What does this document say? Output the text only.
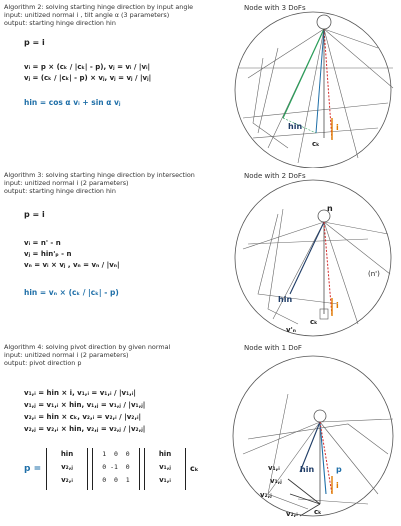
Algorithm 2: solving starting hinge direction by input angle
input: unitized normal i , tilt angle α (3 parameters)
output: starting hinge direction hin
Node with 3 DoFs
p = i
vᵢ = p × (cₖ / |cₖ| - p), vⱼ = vᵢ / |vᵢ|
vⱼ = (cₖ / |cₖ| - p) × vⱼ, vⱼ = vⱼ / |vⱼ|
hin = cos α vᵢ + sin α vⱼ
hin
cₖ
i
Algorithm 3: solving starting hinge direction by intersection
input: unitized normal i (2 parameters)
output: starting hinge direction hin
Node with 2 DoFs
p = i
vᵢ = n' - n
vⱼ = hin'ₚ - n
vₙ = vᵢ × vⱼ , vₙ = vₙ / |vₙ|
hin = vₙ × (cₖ / |cₖ| - p)
n
(n')
hin
v'ₙ
cₖ
i
Algorithm 4: solving pivot direction by given normal
input: unitized normal i (2 parameters)
output: pivot direction p
Node with 1 DoF
v₁,ᵢ = hin × i, v₁,ᵢ = v₁,ᵢ / |v₁,ᵢ|
v₁,ⱼ = v₁,ᵢ × hin, v₁,ⱼ = v₁,ⱼ / |v₁,ⱼ|
v₂,ᵢ = hin × cₖ, v₂,ᵢ = v₂,ᵢ / |v₂,ᵢ|
v₂,ⱼ = v₂,ᵢ × hin, v₂,ⱼ = v₂,ⱼ / |v₂,ⱼ|
p =
hin
v₂,ⱼ
v₂,ᵢ
1  0  0
0 -1  0
0  0  1
hin
v₁,ⱼ
v₁,ᵢ
cₖ	v₁,ᵢ
v₁,ⱼ
hin
v₂,ⱼ
v₂,ᵢ cₖ
p
i
